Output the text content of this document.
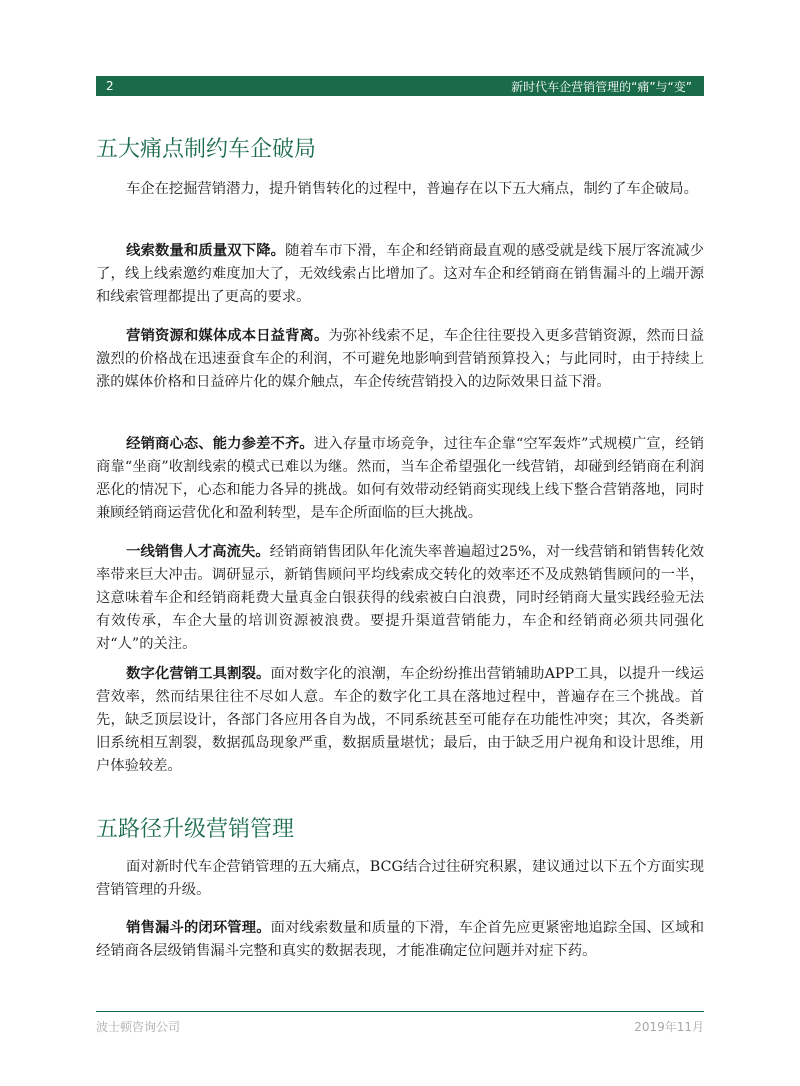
2	新时代车企营销管理的“痛”与“变”
五大痛点制约车企破局

车企在挖掘营销潜力，提升销售转化的过程中，普遍存在以下五大痛点，制约了车企破局。

线索数量和质量双下降。随着车市下滑，车企和经销商最直观的感受就是线下展厅客流减少了，线上线索邀约难度加大了，无效线索占比增加了。这对车企和经销商在销售漏斗的上端开源和线索管理都提出了更高的要求。

营销资源和媒体成本日益背离。为弥补线索不足，车企往往要投入更多营销资源，然而日益激烈的价格战在迅速蚕食车企的利润，不可避免地影响到营销预算投入；与此同时，由于持续上涨的媒体价格和日益碎片化的媒介触点，车企传统营销投入的边际效果日益下滑。

经销商心态、能力参差不齐。进入存量市场竞争，过往车企靠“空军轰炸”式规模广宣，经销商靠“坐商”收割线索的模式已难以为继。然而，当车企希望强化一线营销，却碰到经销商在利润恶化的情况下，心态和能力各异的挑战。如何有效带动经销商实现线上线下整合营销落地，同时兼顾经销商运营优化和盈利转型，是车企所面临的巨大挑战。

一线销售人才高流失。经销商销售团队年化流失率普遍超过25%，对一线营销和销售转化效率带来巨大冲击。调研显示，新销售顾问平均线索成交转化的效率还不及成熟销售顾问的一半，这意味着车企和经销商耗费大量真金白银获得的线索被白白浪费，同时经销商大量实践经验无法有效传承，车企大量的培训资源被浪费。要提升渠道营销能力，车企和经销商必须共同强化对“人”的关注。

数字化营销工具割裂。面对数字化的浪潮，车企纷纷推出营销辅助APP工具，以提升一线运营效率，然而结果往往不尽如人意。车企的数字化工具在落地过程中，普遍存在三个挑战。首先，缺乏顶层设计，各部门各应用各自为战，不同系统甚至可能存在功能性冲突；其次，各类新旧系统相互割裂，数据孤岛现象严重，数据质量堪忧；最后，由于缺乏用户视角和设计思维，用户体验较差。

五路径升级营销管理

面对新时代车企营销管理的五大痛点，BCG结合过往研究积累，建议通过以下五个方面实现营销管理的升级。

销售漏斗的闭环管理。面对线索数量和质量的下滑，车企首先应更紧密地追踪全国、区域和经销商各层级销售漏斗完整和真实的数据表现，才能准确定位问题并对症下药。

波士顿咨询公司	2019年11月
